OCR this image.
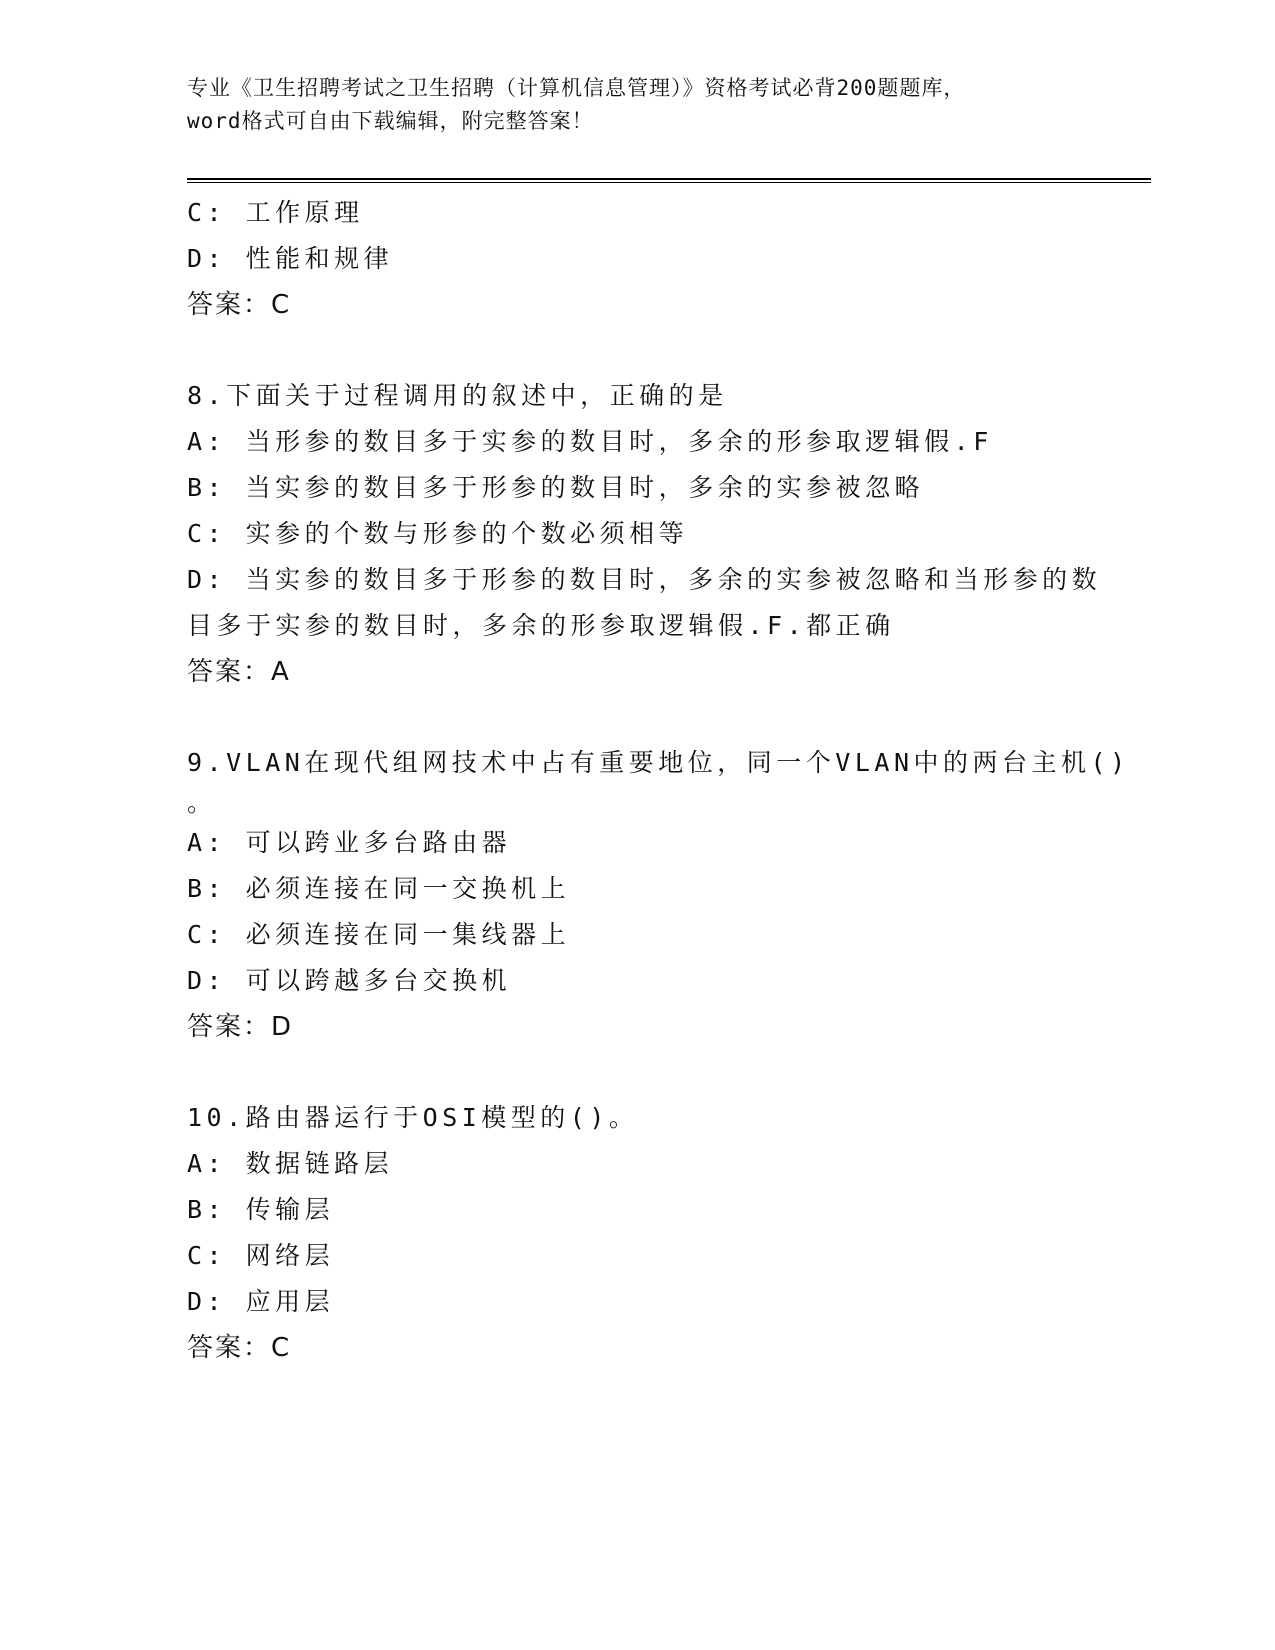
专业《卫生招聘考试之卫生招聘（计算机信息管理）》资格考试必背200题题库，
word格式可自由下载编辑，附完整答案！
C: 工作原理
D: 性能和规律
答案：C
8.下面关于过程调用的叙述中，正确的是
A: 当形参的数目多于实参的数目时，多余的形参取逻辑假.F
B: 当实参的数目多于形参的数目时，多余的实参被忽略
C: 实参的个数与形参的个数必须相等
D: 当实参的数目多于形参的数目时，多余的实参被忽略和当形参的数
目多于实参的数目时，多余的形参取逻辑假.F.都正确
答案：A
9.VLAN在现代组网技术中占有重要地位，同一个VLAN中的两台主机()
。
A: 可以跨业多台路由器
B: 必须连接在同一交换机上
C: 必须连接在同一集线器上
D: 可以跨越多台交换机
答案：D
10.路由器运行于OSI模型的()。
A: 数据链路层
B: 传输层
C: 网络层
D: 应用层
答案：C
